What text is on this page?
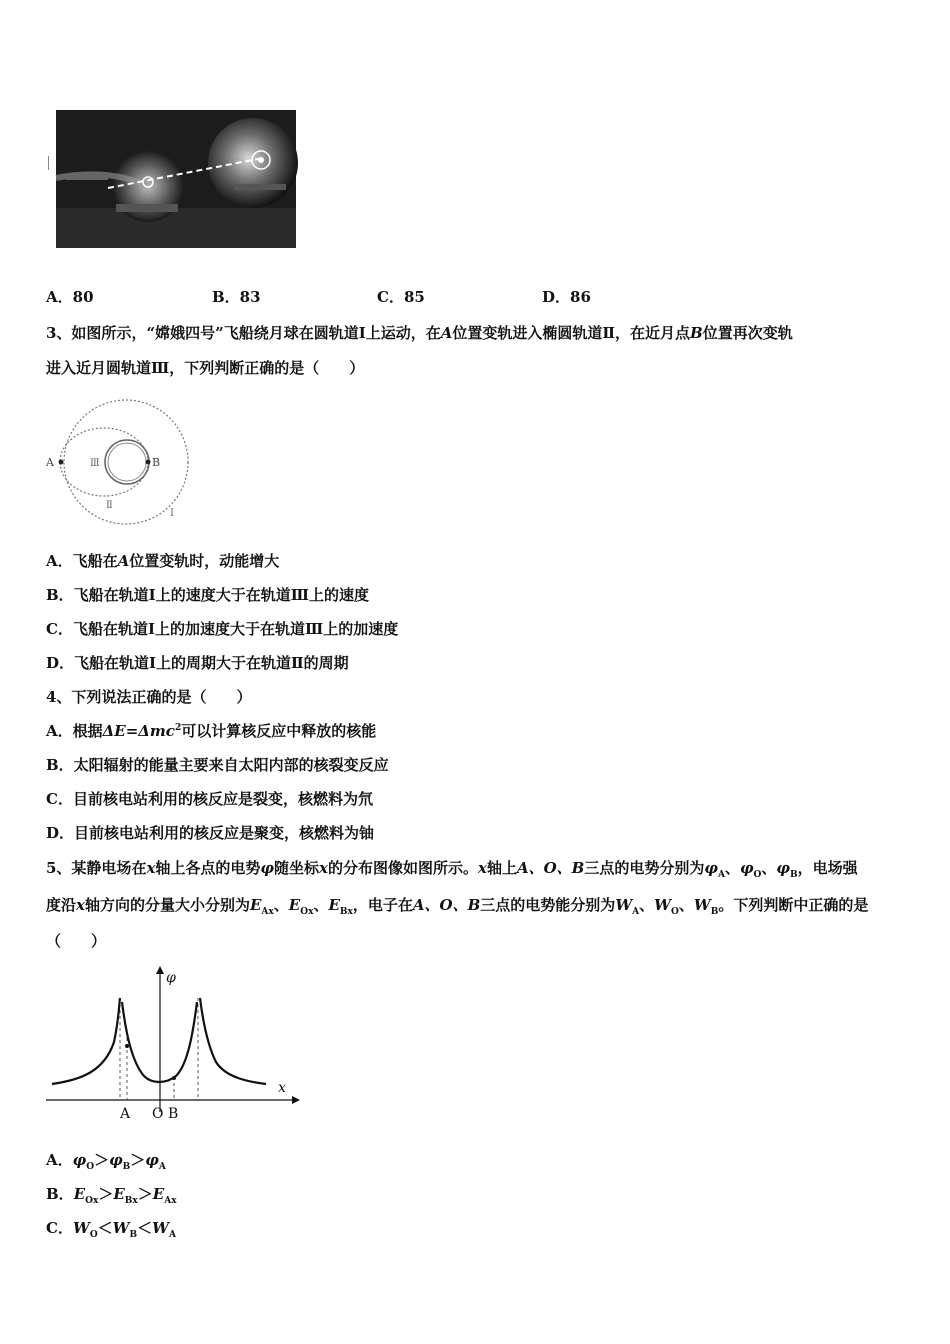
A．80	B．83	C．85	D．86
3、如图所示，“嫦娥四号”飞船绕月球在圆轨道Ⅰ上运动，在A位置变轨进入椭圆轨道Ⅱ，在近月点B位置再次变轨
进入近月圆轨道Ⅲ，下列判断正确的是（　　）
A	B
Ⅲ
Ⅱ
Ⅰ
A．飞船在A位置变轨时，动能增大
B．飞船在轨道Ⅰ上的速度大于在轨道Ⅲ上的速度
C．飞船在轨道Ⅰ上的加速度大于在轨道Ⅲ上的加速度
D．飞船在轨道Ⅰ上的周期大于在轨道Ⅱ的周期
4、下列说法正确的是（　　）
A．根据ΔE=Δmc$^2$可以计算核反应中释放的核能
B．太阳辐射的能量主要来自太阳内部的核裂变反应
C．目前核电站利用的核反应是裂变，核燃料为氘
D．目前核电站利用的核反应是聚变，核燃料为铀
5、某静电场在x轴上各点的电势φ随坐标x的分布图像如图所示。x轴上A、O、B三点的电势分别为$\varphi_A$、$\varphi_O$、$\varphi_B$，电场强
度沿x轴方向的分量大小分别为$E_{Ax}$、$E_{Ox}$、$E_{Bx}$，电子在A、O、B三点的电势能分别为$W_A$、$W_O$、$W_B$。下列判断中正确的是
（　　）
φ
x
A O B
A．$\varphi_O>\varphi_B>\varphi_A$
B．$E_{Ox}>E_{Bx}>E_{Ax}$
C．$W_O<W_B<W_A$
